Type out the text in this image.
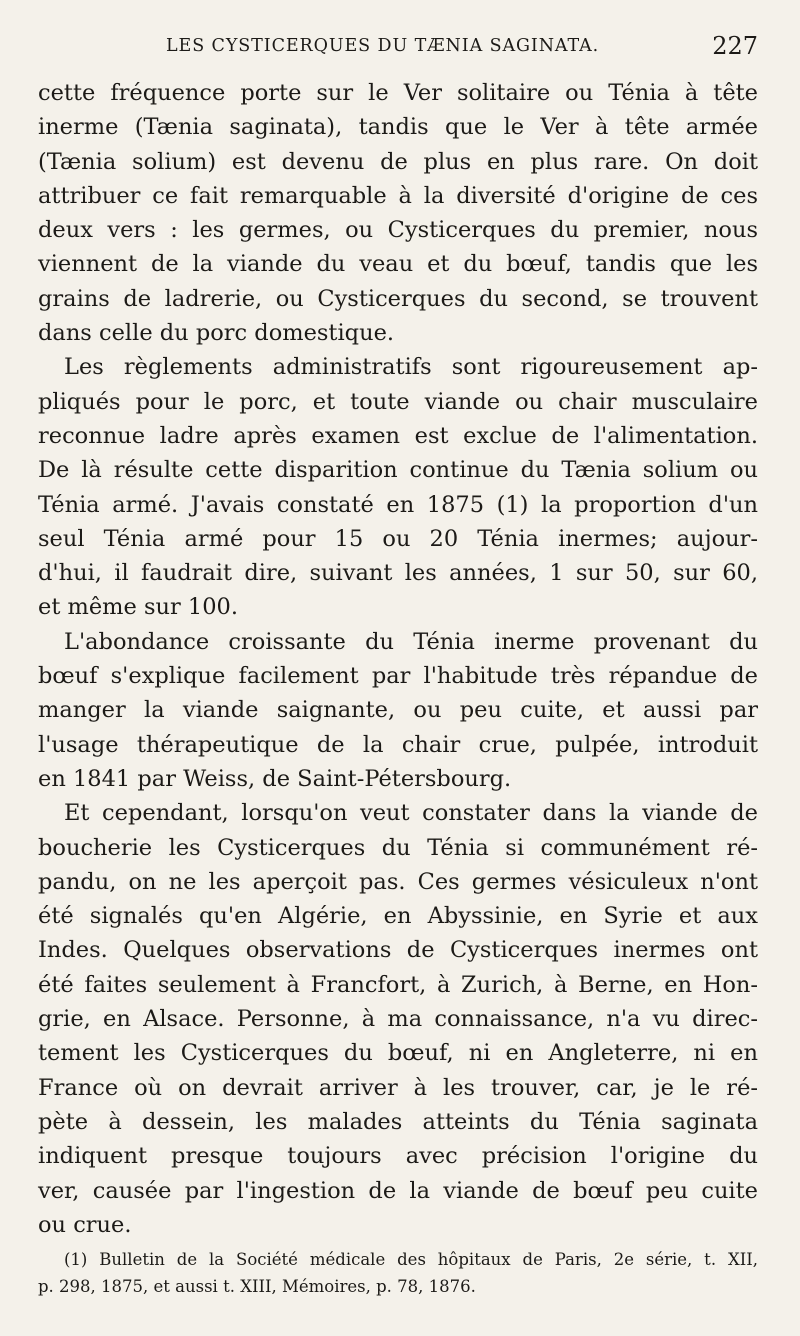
LES CYSTICERQUES DU TÆNIA SAGINATA.	227
cette fréquence porte sur le Ver solitaire ou Ténia à tête
inerme (Tænia saginata), tandis que le Ver à tête armée
(Tænia solium) est devenu de plus en plus rare. On doit
attribuer ce fait remarquable à la diversité d'origine de ces
deux vers : les germes, ou Cysticerques du premier, nous
viennent de la viande du veau et du bœuf, tandis que les
grains de ladrerie, ou Cysticerques du second, se trouvent
dans celle du porc domestique.
Les règlements administratifs sont rigoureusement ap-
pliqués pour le porc, et toute viande ou chair musculaire
reconnue ladre après examen est exclue de l'alimentation.
De là résulte cette disparition continue du Tænia solium ou
Ténia armé. J'avais constaté en 1875 (1) la proportion d'un
seul Ténia armé pour 15 ou 20 Ténia inermes; aujour-
d'hui, il faudrait dire, suivant les années, 1 sur 50, sur 60,
et même sur 100.
L'abondance croissante du Ténia inerme provenant du
bœuf s'explique facilement par l'habitude très répandue de
manger la viande saignante, ou peu cuite, et aussi par
l'usage thérapeutique de la chair crue, pulpée, introduit
en 1841 par Weiss, de Saint-Pétersbourg.
Et cependant, lorsqu'on veut constater dans la viande de
boucherie les Cysticerques du Ténia si communément ré-
pandu, on ne les aperçoit pas. Ces germes vésiculeux n'ont
été signalés qu'en Algérie, en Abyssinie, en Syrie et aux
Indes. Quelques observations de Cysticerques inermes ont
été faites seulement à Francfort, à Zurich, à Berne, en Hon-
grie, en Alsace. Personne, à ma connaissance, n'a vu direc-
tement les Cysticerques du bœuf, ni en Angleterre, ni en
France où on devrait arriver à les trouver, car, je le ré-
pète à dessein, les malades atteints du Ténia saginata
indiquent presque toujours avec précision l'origine du
ver, causée par l'ingestion de la viande de bœuf peu cuite
ou crue.
(1) Bulletin de la Société médicale des hôpitaux de Paris, 2e série, t. XII,
p. 298, 1875, et aussi t. XIII, Mémoires, p. 78, 1876.
